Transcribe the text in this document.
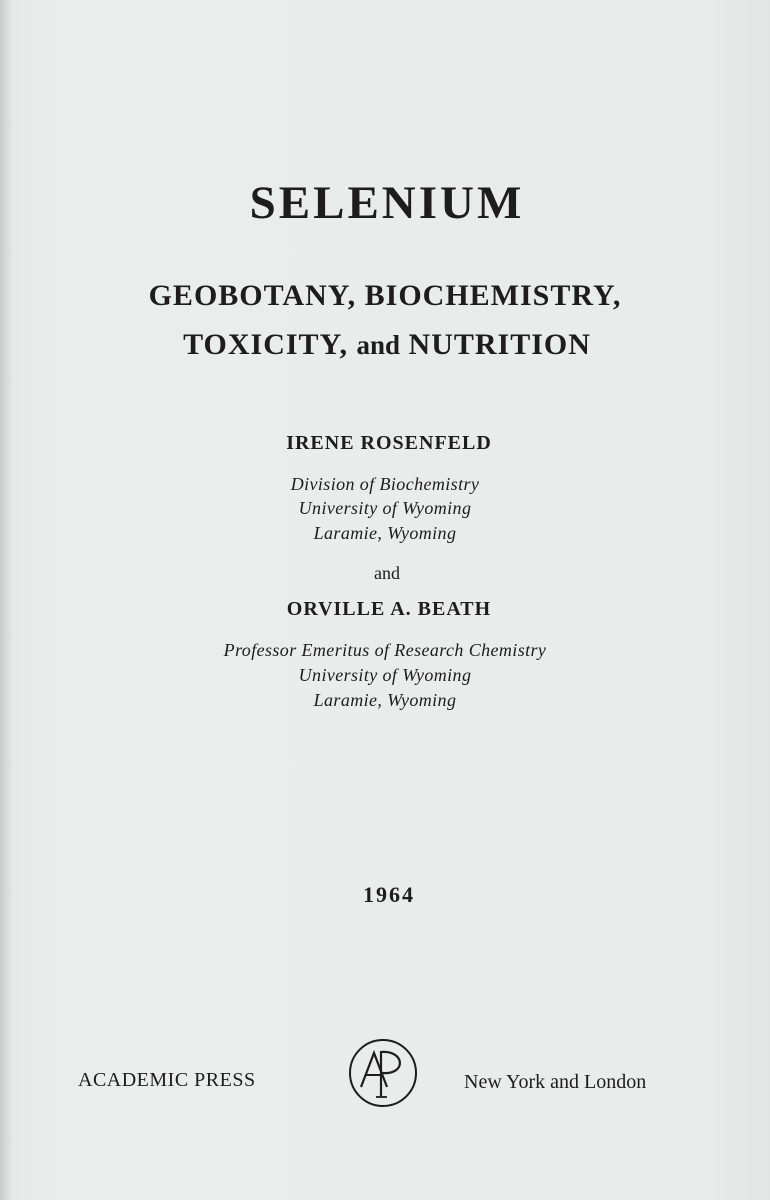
SELENIUM
GEOBOTANY, BIOCHEMISTRY,
TOXICITY, and NUTRITION
IRENE ROSENFELD
Division of Biochemistry
University of Wyoming
Laramie, Wyoming
and
ORVILLE A. BEATH
Professor Emeritus of Research Chemistry
University of Wyoming
Laramie, Wyoming
1964
ACADEMIC PRESS	New York and London
